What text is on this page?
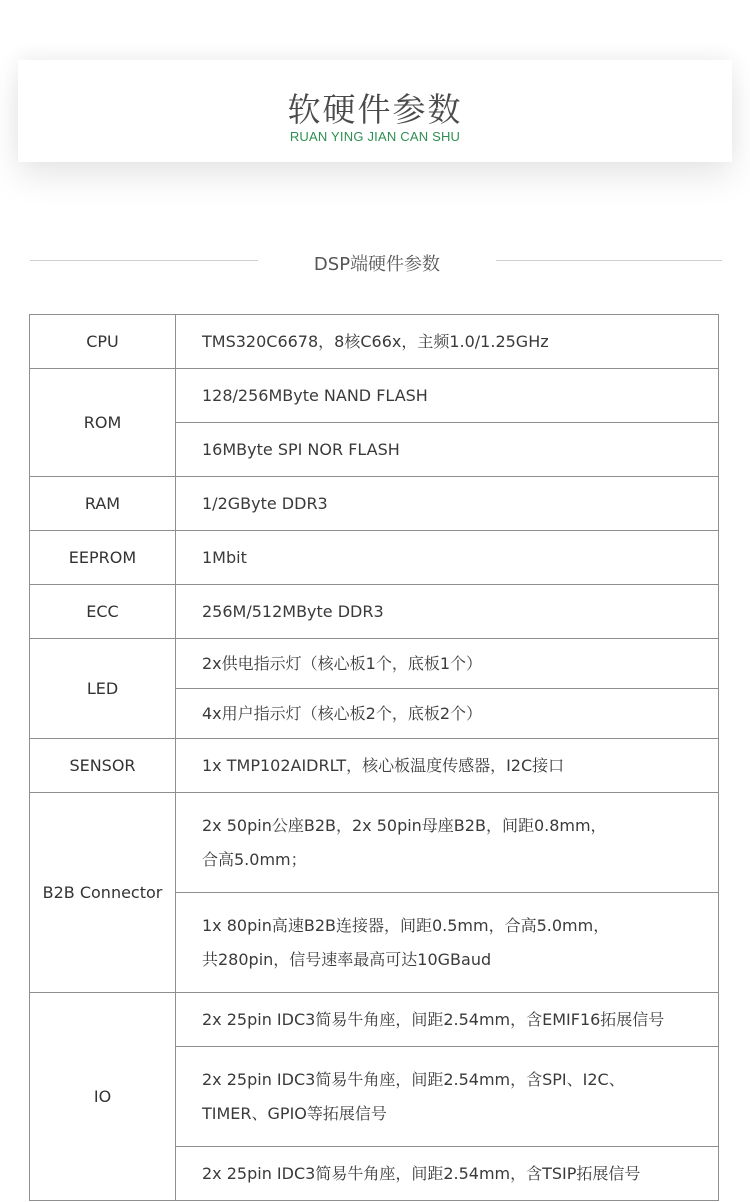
软硬件参数
RUAN YING JIAN CAN SHU
DSP端硬件参数
CPU	TMS320C6678，8核C66x，主频1.0/1.25GHz
ROM	128/256MByte NAND FLASH
	16MByte SPI NOR FLASH
RAM	1/2GByte DDR3
EEPROM	1Mbit
ECC	256M/512MByte DDR3
LED	2x供电指示灯（核心板1个，底板1个）
	4x用户指示灯（核心板2个，底板2个）
SENSOR	1x TMP102AIDRLT，核心板温度传感器，I2C接口
B2B Connector	2x 50pin公座B2B，2x 50pin母座B2B，间距0.8mm，
合高5.0mm；

	1x 80pin高速B2B连接器，间距0.5mm，合高5.0mm，
共280pin，信号速率最高可达10GBaud

IO	2x 25pin IDC3简易牛角座，间距2.54mm，含EMIF16拓展信号

	2x 25pin IDC3简易牛角座，间距2.54mm，含SPI、I2C、
TIMER、GPIO等拓展信号

	2x 25pin IDC3简易牛角座，间距2.54mm，含TSIP拓展信号
